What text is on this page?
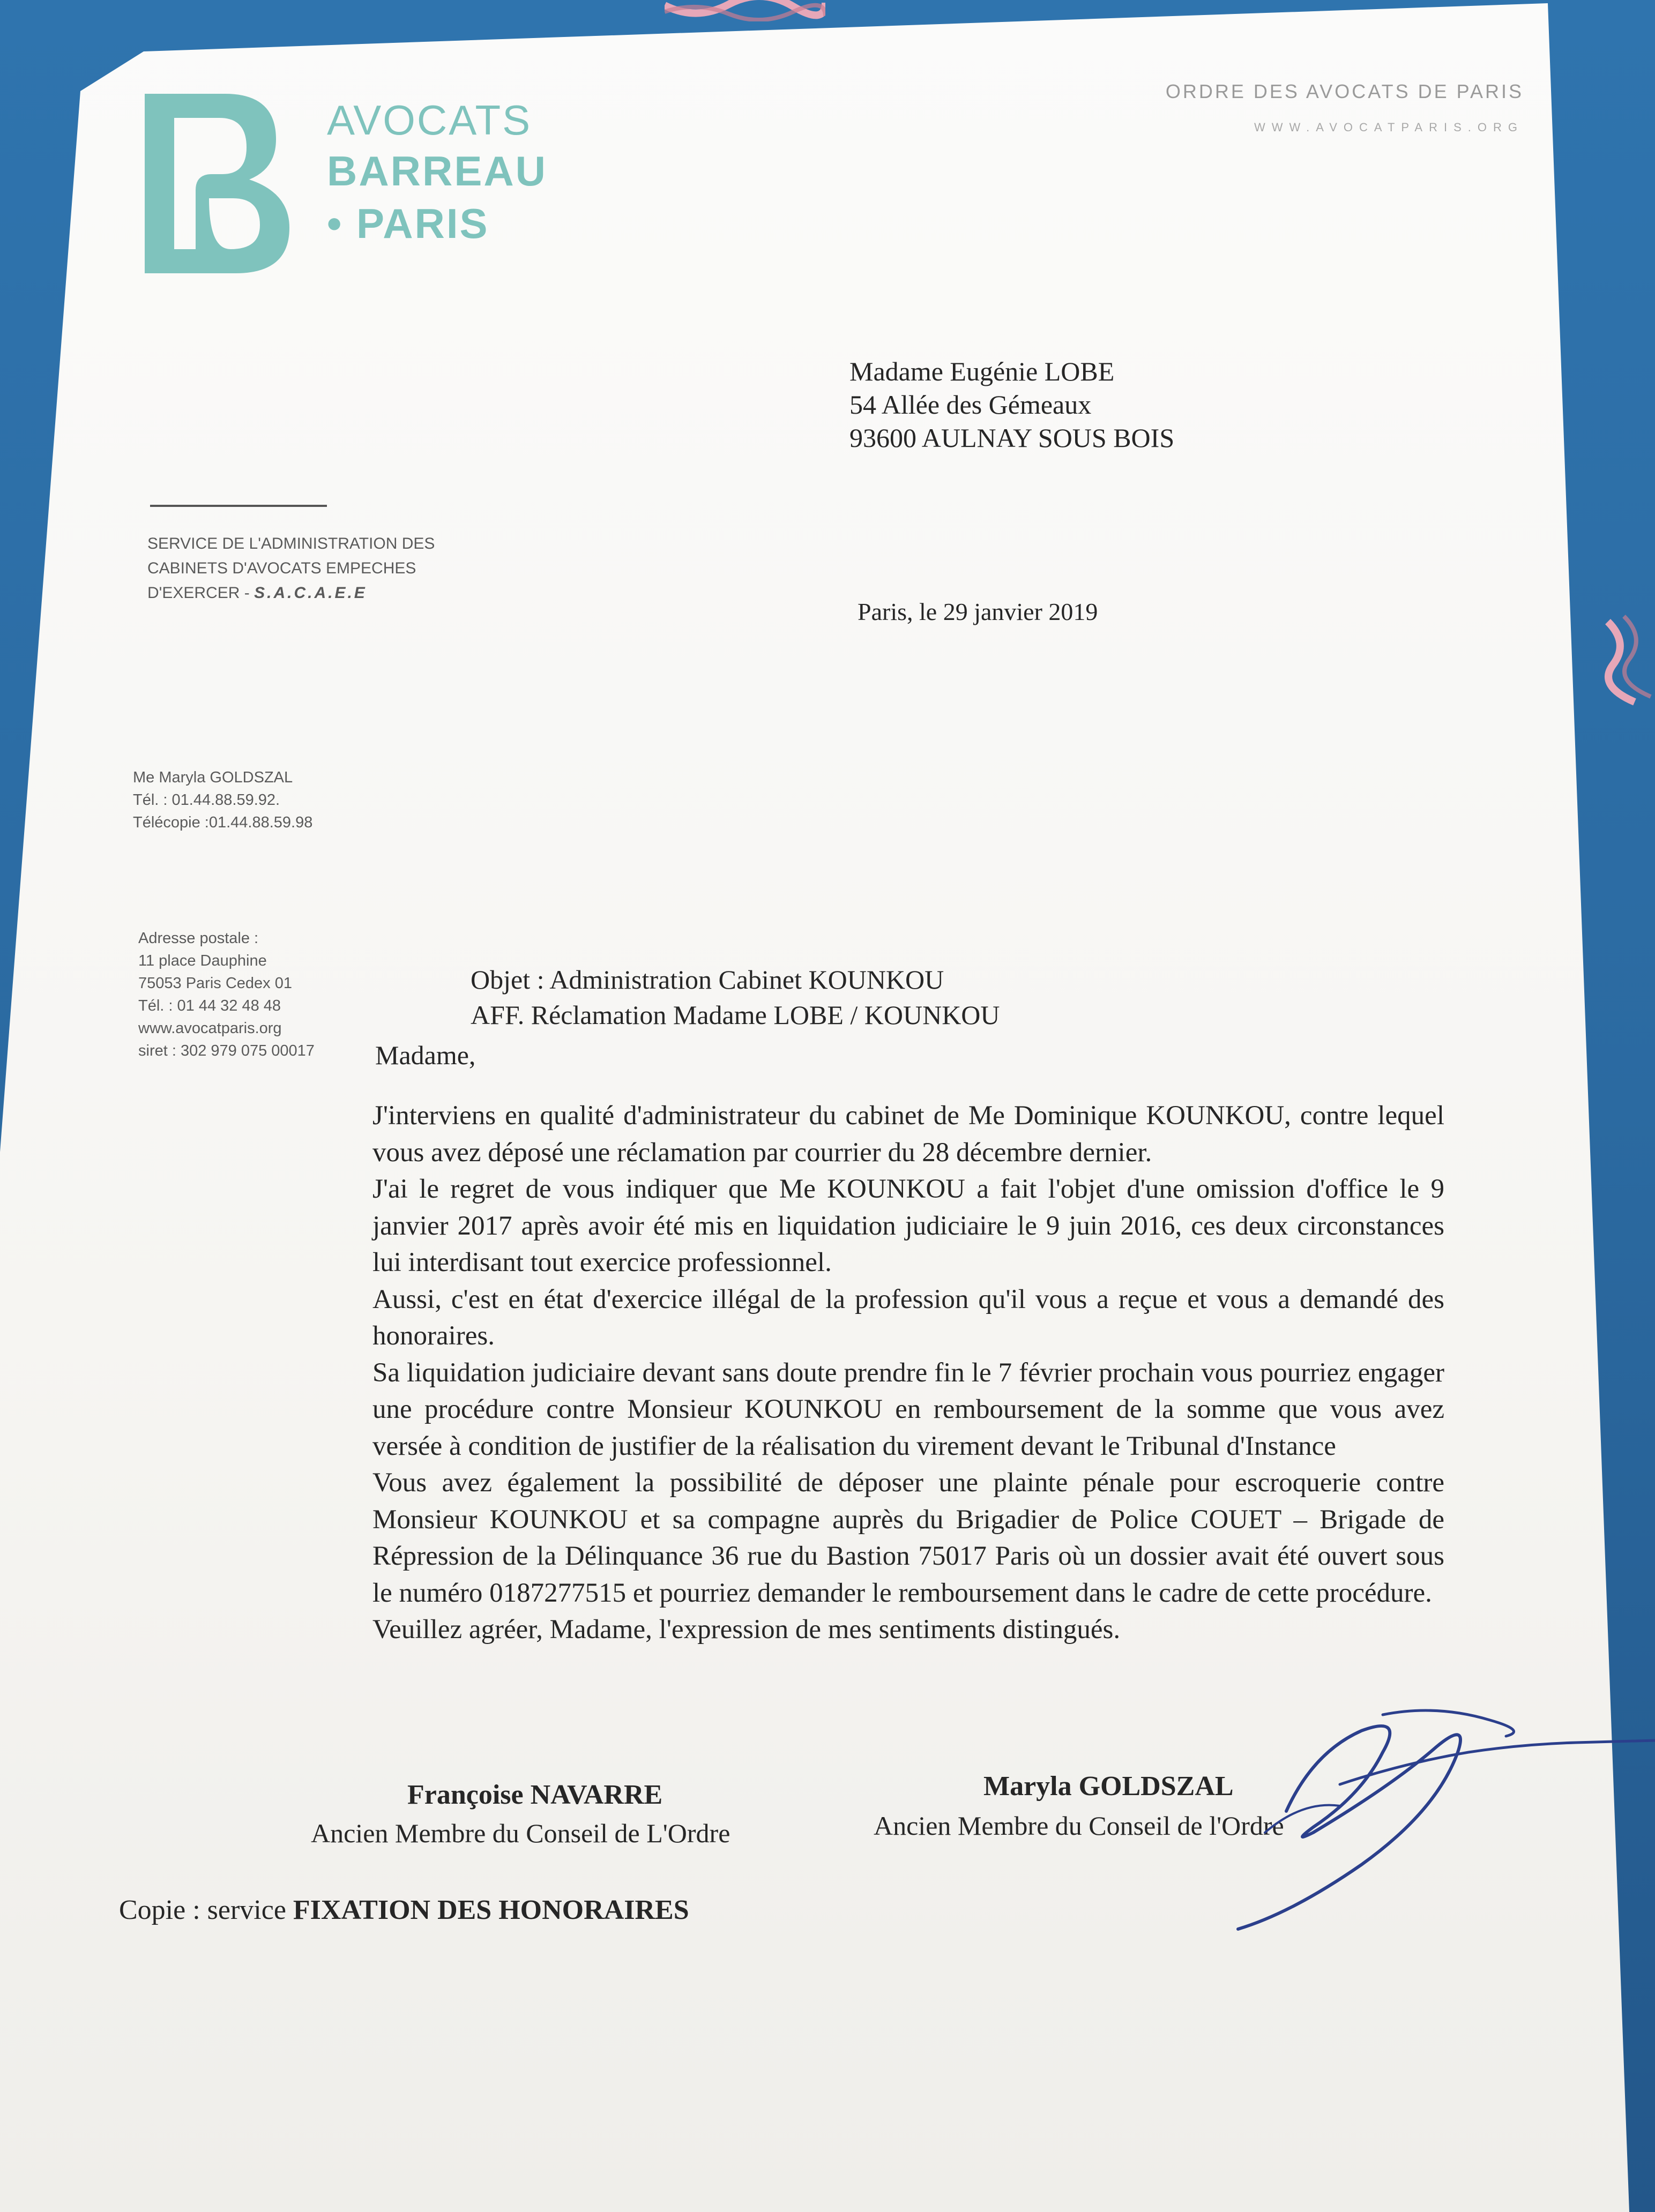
AVOCATS
BARREAU
• PARIS
ORDRE DES AVOCATS DE PARIS
WWW.AVOCATPARIS.ORG
Madame Eugénie LOBE
54 Allée des Gémeaux
93600 AULNAY SOUS BOIS
SERVICE DE L'ADMINISTRATION DES
CABINETS D'AVOCATS EMPECHES
D'EXERCER - S.A.C.A.E.E
Paris, le 29 janvier 2019
Me Maryla GOLDSZAL
Tél. : 01.44.88.59.92.
Télécopie :01.44.88.59.98
Adresse postale :
11 place Dauphine
75053 Paris Cedex 01
Tél. : 01 44 32 48 48
www.avocatparis.org
siret : 302 979 075 00017
Objet : Administration Cabinet KOUNKOU
AFF. Réclamation Madame LOBE / KOUNKOU
Madame,

J'interviens en qualité d'administrateur du cabinet de Me Dominique KOUNKOU, contre lequel vous avez déposé une réclamation par courrier du 28 décembre dernier.

J'ai le regret de vous indiquer que Me KOUNKOU a fait l'objet d'une omission d'office le 9 janvier 2017 après avoir été mis en liquidation judiciaire le 9 juin 2016, ces deux circonstances lui interdisant tout exercice professionnel.

Aussi, c'est en état d'exercice illégal de la profession qu'il vous a reçue et vous a demandé des honoraires.

Sa liquidation judiciaire devant sans doute prendre fin le 7 février prochain vous pourriez engager une procédure contre Monsieur KOUNKOU en remboursement de la somme que vous avez versée à condition de justifier de la réalisation du virement devant le Tribunal d'Instance

Vous avez également la possibilité de déposer une plainte pénale pour escroquerie contre Monsieur KOUNKOU et sa compagne auprès du Brigadier de Police COUET – Brigade de Répression de la Délinquance 36 rue du Bastion 75017 Paris où un dossier avait été ouvert sous le numéro 0187277515 et pourriez demander le remboursement dans le cadre de cette procédure.

Veuillez agréer, Madame, l'expression de mes sentiments distingués.

Françoise NAVARRE
Ancien Membre du Conseil de L'Ordre
Maryla GOLDSZAL
Ancien Membre du Conseil de l'Ordre
Copie : service FIXATION DES HONORAIRES
